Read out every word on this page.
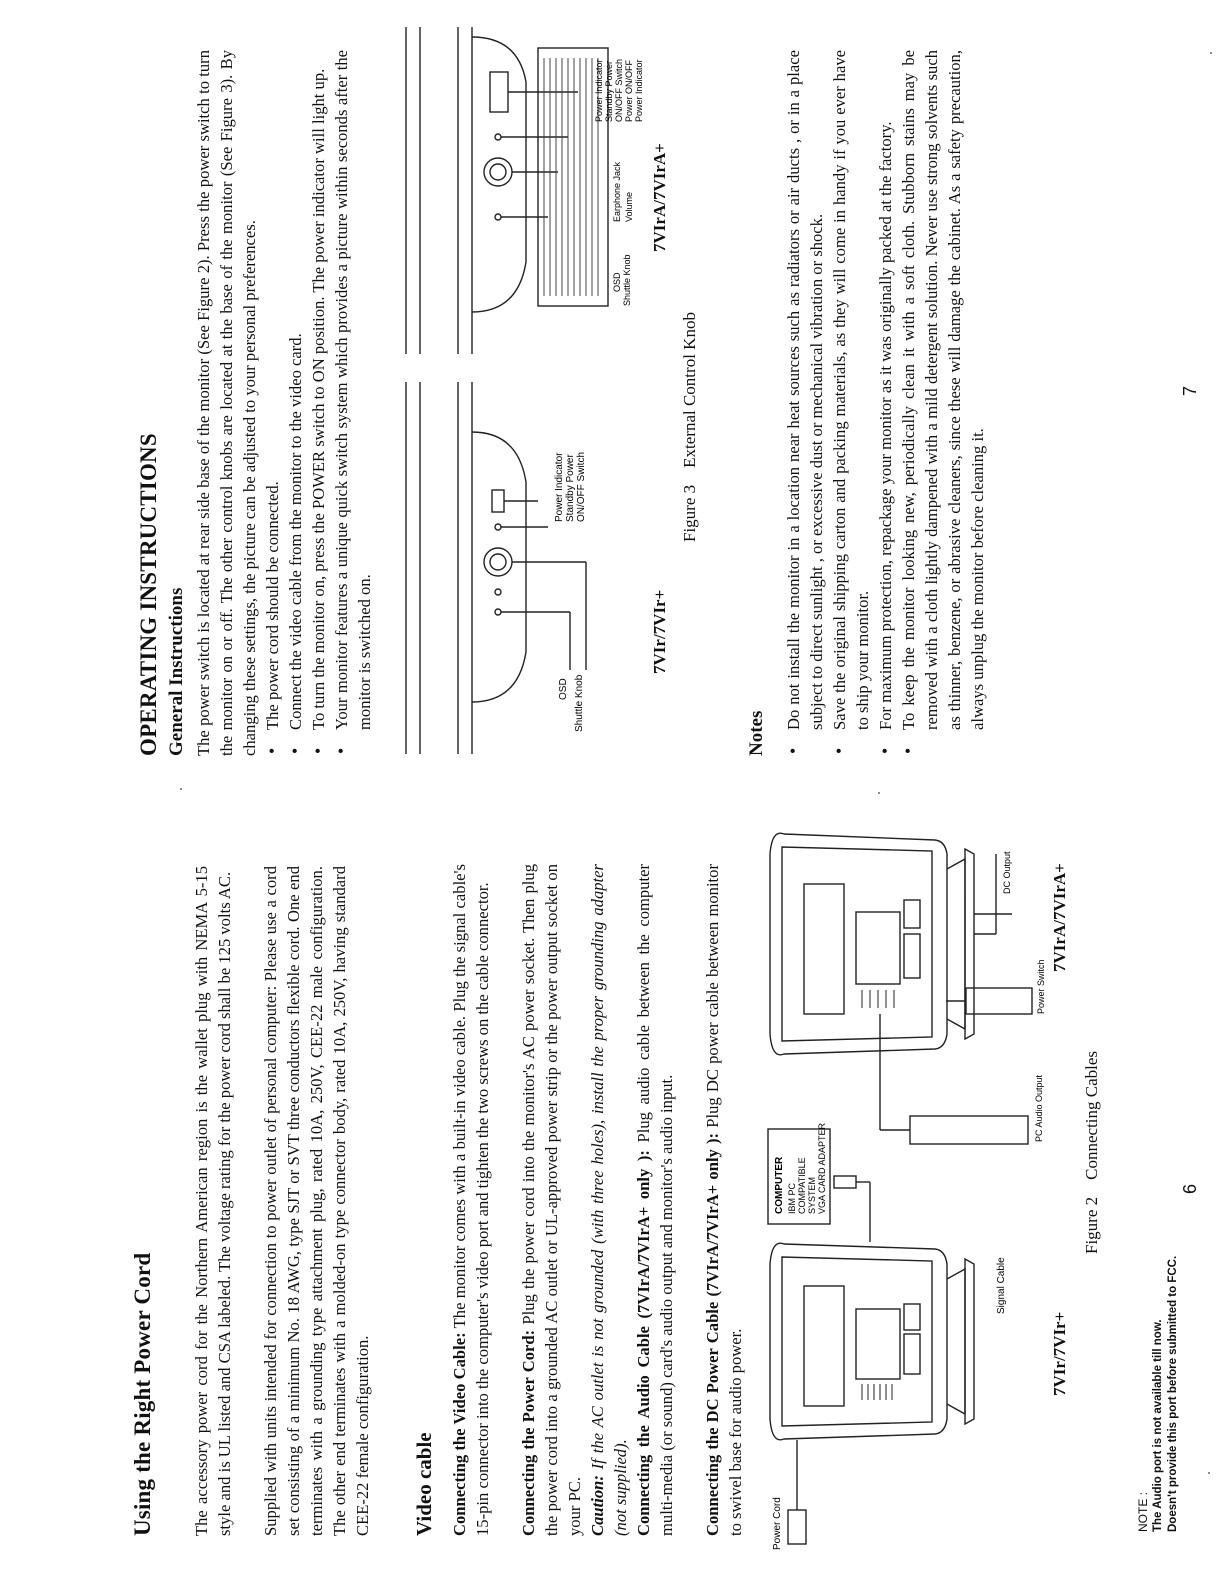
Using the Right Power Cord The accessory power cord for the Northern American region is the wallet plug with NEMA 5-15 style and is UL listed and CSA labeled. The voltage rating for the power cord shall be 125 volts AC. Supplied with units intended for connection to power outlet of personal computer: Please use a cord set consisting of a minimum No. 18 AWG, type SJT or SVT three conductors flexible cord. One end terminates with a grounding type attachment plug, rated 10A, 250V, CEE-22 male configuration. The other end terminates with a molded-on type connector body, rated 10A, 250V, having standard CEE-22 female configuration. Video cable Connecting the Video Cable: The monitor comes with a built-in video cable. Plug the signal cable's 15-pin connector into the computer's video port and tighten the two screws on the cable connector. Connecting the Power Cord: Plug the power cord into the monitor's AC power socket. Then plug the power cord into a grounded AC outlet or UL-approved power strip or the power output socket on your PC. Caution: If the AC outlet is not grounded (with three holes), install the proper grounding adapter (not supplied). Connecting the Audio Cable (7VIrA/7VIrA+ only ): Plug audio cable between the computer multi-media (or sound) card's audio output and monitor's audio input. Connecting the DC Power Cable (7VIrA/7VIrA+ only ): Plug DC power cable between monitor to swivel base for audio power.	Power Cord
Signal Cable
COMPUTER IBM PC COMPATIBLE SYSTEM VGA CARD ADAPTER
PC Audio Output
Power Switch
DC Output
7VIr/7VIr+
7VIrA/7VIrA+
Figure 2    Connecting Cables
NOTE : The Audio port is not available till now. Doesn't provide this port before submitted to FCC.
6
OPERATING INSTRUCTIONS General Instructions The power switch is located at rear side base of the monitor (See Figure 2). Press the power switch to turn the monitor on or off. The other control knobs are located at the base of the monitor (See Figure 3). By changing these settings, the picture can be adjusted to your personal preferences. • The power cord should be connected. • Connect the video cable from the monitor to the video card. • To turn the monitor on, press the POWER switch to ON position. The power indicator will light up. • Your monitor features a unique quick switch system which provides a picture within seconds after the monitor is switched on.
Power Indicator Standby Power ON/OFF Switch
OSD Shuttle Knob
Power Indicator Standby Power ON/OFF Switch Power ON/OFF Power Indicator
OSD Shuttle Knob
Earphone Jack Volume
7VIr/7VIr+
7VIrA/7VIrA+
Figure 3    External Control Knob
Notes
• Do not install the monitor in a location near heat sources such as radiators or air ducts , or in a place subject to direct sunlight , or excessive dust or mechanical vibration or shock. • Save the original shipping carton and packing materials, as they will come in handy if you ever have to ship your monitor. • For maximum protection, repackage your monitor as it was originally packed at the factory. • To keep the monitor looking new, periodically clean it with a soft cloth. Stubborn stains may be removed with a cloth lightly dampened with a mild detergent solution. Never use strong solvents such as thinner, benzene, or abrasive cleaners, since these will damage the cabinet. As a safety precaution, always unplug the monitor before cleaning it.
7
